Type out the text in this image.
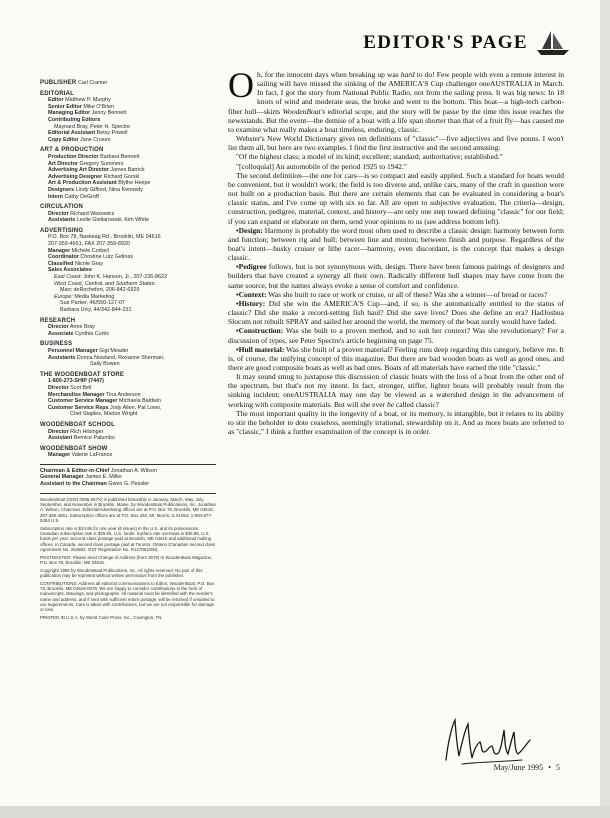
EDITOR'S PAGE
PUBLISHER Carl Cramer
EDITORIAL
Editor Matthew P. Murphy
Senior Editor Mike O'Brien
Managing Editor Jenny Bennett
Contributing Editors
Maynard Bray, Peter H. Spectre
Editorial Assistant Betsy Powell
Copy Editor Jane Crosen
ART & PRODUCTION
Production Director Barbara Bennett
Art Director Gregory Summers
Advertising Art Director James Barrick
Advertising Designer Richard Gorski
Art & Production Assistant Blythe Heepe
Designers Lindy Gifford, Nina Kennedy
Intern Cathy DeGroff
CIRCULATION
Director Richard Wasowicz
Assistants Leslie Gieliarowski, Kim White
ADVERTISING
P.O. Box 78, Naskeag Rd., Brooklin, ME 04616
207-359-4651, FAX 207-359-8920
Manager Michele Corbeil
Coordinator Christine Lutz Gelinas
Classified Nicole Gray
Sales Associates
East Coast: John K. Hanson, Jr., 207-236-8622
West Coast, Central, and Southern States:
Marc deRochefort, 206-842-6929
Europe: Media Marketing
Sue Parker, 46/550-127-07
Barbara Urry, 44/342-844-231
RESEARCH
Director Anne Bray
Associate Cynthia Curtis
BUSINESS
Personnel Manager Gigi Meader
Assistants Donna Nowland, Roxanne Sherman,
Sally Bowen
THE WOODENBOAT STORE
1-800-273-SHIP (7447)
Director Scot Bell
Merchandise Manager Tina Anderson
Customer Service Manager Michaela Baldwin
Customer Service Reps Jody Allen, Pat Lown,
Chet Staples, Marion Wright
WOODENBOAT SCHOOL
Director Rich Hilsinger
Assistant Bernice Palumbo
WOODENBOAT SHOW
Manager Valerie LaFrance
Chairman & Editor-in-Chief Jonathan A. Wilson
General Manager James E. Miller
Assistant to the Chairman Gwen G. Pessler

WoodenBoat (ISSN 0095-067X) is published bimonthly in January, March, May, July, September, and November in Brooklin, Maine, by WoodenBoat Publications, Inc. Jonathan A. Wilson, Chairman. Editorial/Advertising offices are at P.O. Box 78, Brooklin, ME 04616; 207-359-4651. Subscription offices are at P.O. Box 492, Mt. Morris, IL 61054; 1-800-877-5284 U.S.

Subscription rate is $24.95 for one year (6 issues) in the U.S. and its possessions. Canadian subscription rate is $29.95, U.S. funds. Surface rate overseas is $36.95, U.S. funds per year. Second-class postage paid at Brooklin, ME 04616 and additional mailing offices. In Canada, second class postage paid at Toronto, Ontario (Canadian second class Agreement No. 254592. GST Registration No. R127081008).

POSTMASTER: Please send Change of Address (form 3579) to WoodenBoat Magazine, P.O. Box 78, Brooklin, ME 04616.

Copyright 1995 by WoodenBoat Publications, Inc. All rights reserved. No part of this publication may be reprinted without written permission from the publisher.

CONTRIBUTIONS: Address all editorial communications to Editor, WoodenBoat, P.O. Box 78, Brooklin, ME 04616-0078. We are happy to consider contributions in the form of manuscripts, drawings, and photographs. All material must be identified with the sender's name and address, and if sent with sufficient return postage, will be returned if unsuited to our requirements. Care is taken with contributions, but we are not responsible for damage or loss.

PRINTED IN U.S.A. by World Color Press, Inc., Covington, TN.

Oh, for the innocent days when breaking up was hard to do! Few people with even a remote interest in sailing will have missed the sinking of the AMERICA'S Cup challenger oneAUSTRALIA in March. In fact, I got the story from National Public Radio, not from the sailing press. It was big news: In 18 knots of wind and moderate seas, the broke and went to the bottom. This boat—a high-tech carbon-fiber hull—skirts WoodenBoat's editorial scope, and the story will be passe by the time this issue reaches the newsstands. But the event—the demise of a boat with a life span shorter than that of a fruit fly—has caused me to examine what really makes a boat timeless, enduring, classic.

Webster's New World Dictionary gives ten definitions of "classic"—five adjectives and five nouns. I won't list them all, but here are two examples. I find the first instructive and the second amusing:

"Of the highest class; a model of its kind; excellent; standard; authoritative; established."

"[colloquial] An automobile of the period 1925 to 1942."

The second definition—the one for cars—is so compact and easily applied. Such a standard for boats would be convenient, but it wouldn't work; the field is too diverse and, unlike cars, many of the craft in question were not built on a production basis. But there are certain elements that can be evaluated in considering a boat's classic status, and I've come up with six so far. All are open to subjective evaluation. The criteria—design, construction, pedigree, material, context, and history—are only one step toward defining "classic" for our field; if you can expand or elaborate on them, send your opinions to us (see address bottom left).

•Design: Harmony is probably the word most often used to describe a classic design: harmony between form and function; between rig and hull; between line and motion; between finish and purpose. Regardless of the boat's intent—husky cruiser or lithe racer—harmony, even discordant, is the concept that makes a design classic.

•Pedigree follows, but is not synonymous with, design. There have been famous pairings of designers and builders that have created a synergy all their own. Radically different hull shapes may have come from the same source, but the names always evoke a sense of comfort and confidence.

•Context: Was she built to race or work or cruise, or all of these? Was she a winner—of bread or races?

•History: Did she win the AMERICA'S Cup—and, if so, is she automatically entitled to the status of classic? Did she make a record-setting fish haul? Did she save lives? Does she define an era? HadJoshua Slocum not rebuilt SPRAY and sailed her around the world, the memory of the boat surely would have faded.

•Construction: Was she built to a proven method, and to suit her context? Was she revolutionary? For a discussion of types, see Peter Spectre's article beginning on page 75.

•Hull material: Was she built of a proven material? Feeling runs deep regarding this category, believe me. It is, of course, the unifying concept of this magazine. But there are bad wooden boats as well as good ones, and there are good composite boats as well as bad ones. Boats of all materials have earned the title "classic."

It may sound smug to juxtapose this discussion of classic boats with the loss of a boat from the other end of the spectrum, but that's not my intent. In fact, stronger, stiffer, lighter boats will probably result from the sinking incident; oneAUSTRALIA may one day be viewed as a watershed design in the advancement of working with composite materials. But will she ever be called classic?

The most important quality in the longevity of a boat, or its memory, is intangible, but it relates to its ability to stir the beholder to dote ceaseless, seemingly irrational, stewardship on it. And as more boats are referred to as "classic," I think a further examination of the concept is in order.

May/June 1995 • 5
